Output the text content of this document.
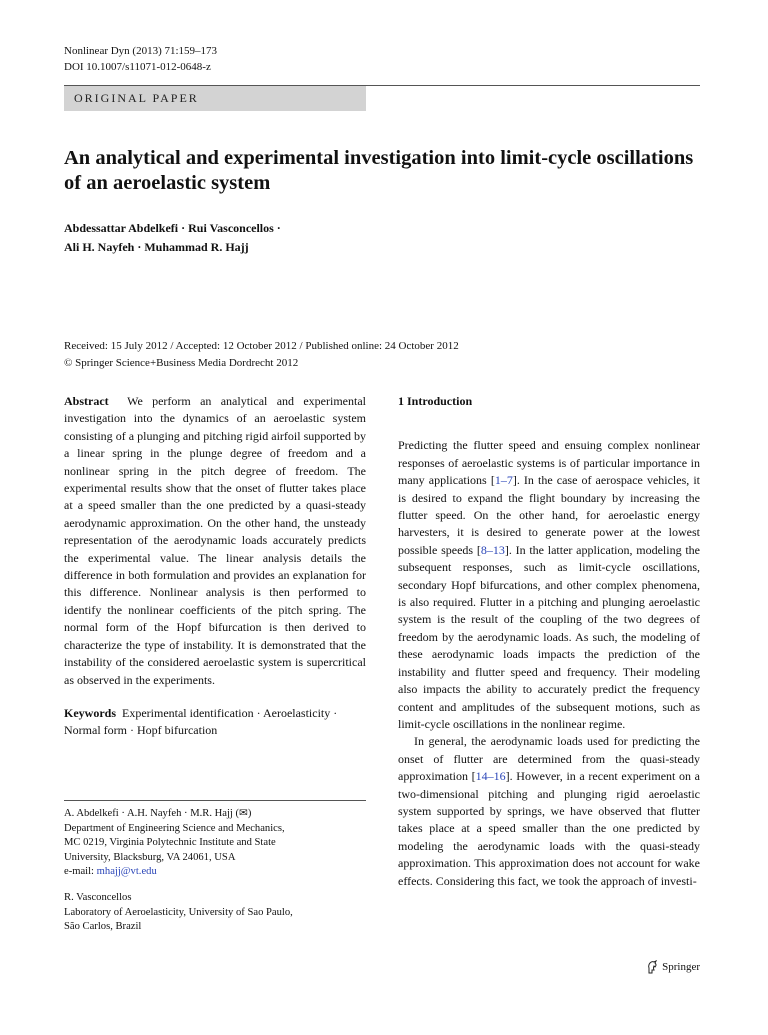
Nonlinear Dyn (2013) 71:159–173
DOI 10.1007/s11071-012-0648-z
ORIGINAL PAPER
An analytical and experimental investigation into limit-cycle oscillations of an aeroelastic system
Abdessattar Abdelkefi · Rui Vasconcellos ·
Ali H. Nayfeh · Muhammad R. Hajj
Received: 15 July 2012 / Accepted: 12 October 2012 / Published online: 24 October 2012
© Springer Science+Business Media Dordrecht 2012

Abstract We perform an analytical and experimental investigation into the dynamics of an aeroelastic system consisting of a plunging and pitching rigid airfoil supported by a linear spring in the plunge degree of freedom and a nonlinear spring in the pitch degree of freedom. The experimental results show that the onset of flutter takes place at a speed smaller than the one predicted by a quasi-steady aerodynamic approximation. On the other hand, the unsteady representation of the aerodynamic loads accurately predicts the experimental value. The linear analysis details the difference in both formulation and provides an explanation for this difference. Nonlinear analysis is then performed to identify the nonlinear coefficients of the pitch spring. The normal form of the Hopf bifurcation is then derived to characterize the type of instability. It is demonstrated that the instability of the considered aeroelastic system is supercritical as observed in the experiments.

Keywords Experimental identification · Aeroelasticity · Normal form · Hopf bifurcation

A. Abdelkefi · A.H. Nayfeh · M.R. Hajj (✉)
Department of Engineering Science and Mechanics,
MC 0219, Virginia Polytechnic Institute and State
University, Blacksburg, VA 24061, USA
e-mail: mhajj@vt.edu
R. Vasconcellos
Laboratory of Aeroelasticity, University of Sao Paulo,
São Carlos, Brazil
1 Introduction

Predicting the flutter speed and ensuing complex nonlinear responses of aeroelastic systems is of particular importance in many applications [1–7]. In the case of aerospace vehicles, it is desired to expand the flight boundary by increasing the flutter speed. On the other hand, for aeroelastic energy harvesters, it is desired to generate power at the lowest possible speeds [8–13]. In the latter application, modeling the subsequent responses, such as limit-cycle oscillations, secondary Hopf bifurcations, and other complex phenomena, is also required. Flutter in a pitching and plunging aeroelastic system is the result of the coupling of the two degrees of freedom by the aerodynamic loads. As such, the modeling of these aerodynamic loads impacts the prediction of the instability and flutter speed and frequency. Their modeling also impacts the ability to accurately predict the frequency content and amplitudes of the subsequent motions, such as limit-cycle oscillations in the nonlinear regime.

In general, the aerodynamic loads used for predicting the onset of flutter are determined from the quasi-steady approximation [14–16]. However, in a recent experiment on a two-dimensional pitching and plunging rigid aeroelastic system supported by springs, we have observed that flutter takes place at a speed smaller than the one predicted by modeling the aerodynamic loads with the quasi-steady approximation. This approximation does not account for wake effects. Considering this fact, we took the approach of investi-

Springer
